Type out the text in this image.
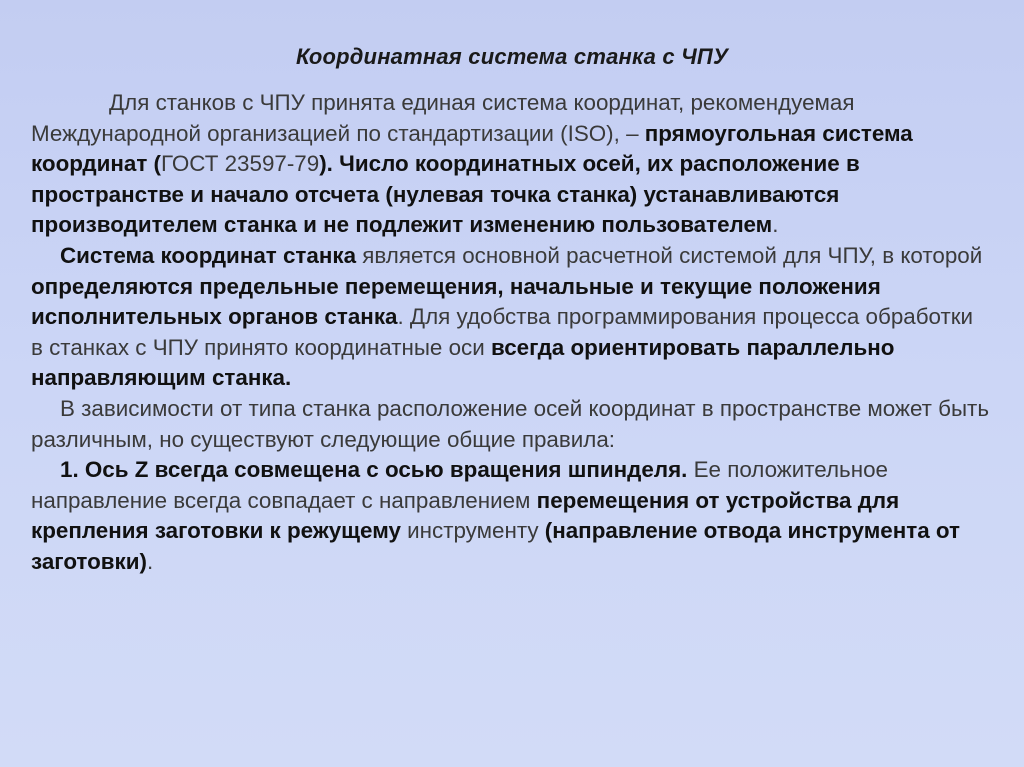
Координатная система станка с ЧПУ

Для станков с ЧПУ принята единая система координат, рекомендуемая Международной организацией по стандартизации (ISO), – прямоугольная система координат (ГОСТ 23597-79). Число координатных осей, их расположение в пространстве и начало отсчета (нулевая точка станка) устанавливаются производителем станка и не подлежит изменению пользователем.

Система координат станка является основной расчетной системой для ЧПУ, в которой определяются предельные перемещения, начальные и текущие положения исполнительных органов станка. Для удобства программирования процесса обработки в станках с ЧПУ принято координатные оси всегда ориентировать параллельно направляющим станка.

В зависимости от типа станка расположение осей координат в пространстве может быть различным, но существуют следующие общие правила:

1. Ось Z всегда совмещена с осью вращения шпинделя. Ее положительное направление всегда совпадает с направлением перемещения от устройства для крепления заготовки к режущему инструменту (направление отвода инструмента от заготовки).
